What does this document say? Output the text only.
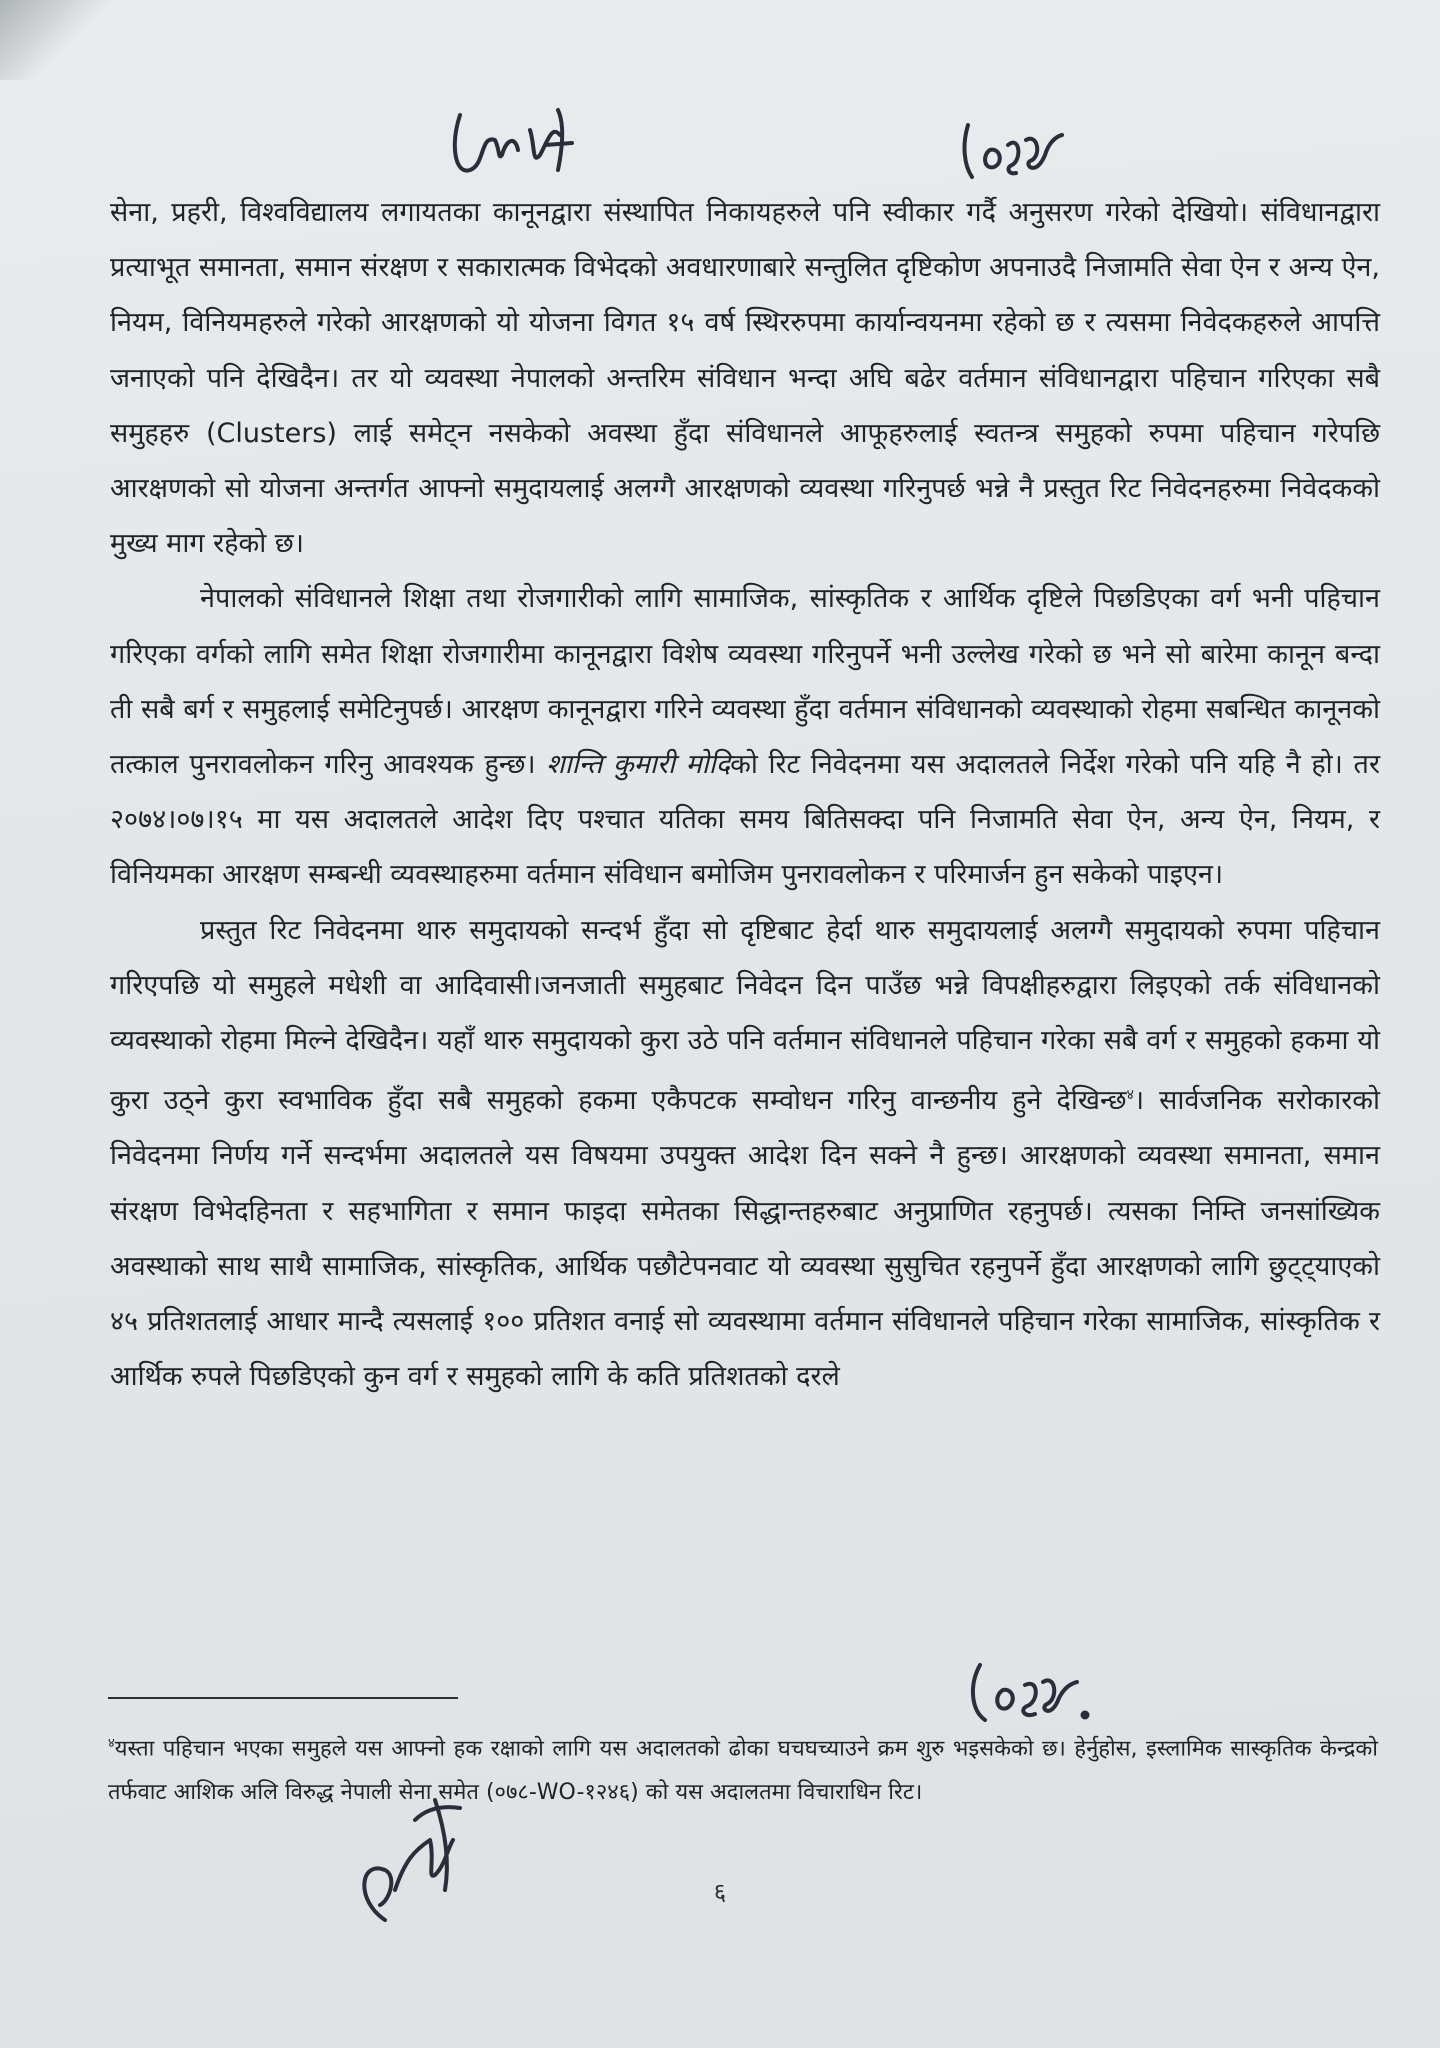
सेना, प्रहरी, विश्वविद्यालय लगायतका कानूनद्वारा संस्थापित निकायहरुले पनि स्वीकार गर्दै अनुसरण गरेको देखियो। संविधानद्वारा प्रत्याभूत समानता, समान संरक्षण र सकारात्मक विभेदको अवधारणाबारे सन्तुलित दृष्टिकोण अपनाउदै निजामति सेवा ऐन र अन्य ऐन, नियम, विनियमहरुले गरेको आरक्षणको यो योजना विगत १५ वर्ष स्थिररुपमा कार्यान्वयनमा रहेको छ र त्यसमा निवेदकहरुले आपत्ति जनाएको पनि देखिदैन। तर यो व्यवस्था नेपालको अन्तरिम संविधान भन्दा अघि बढेर वर्तमान संविधानद्वारा पहिचान गरिएका सबै समुहहरु (Clusters) लाई समेट्न नसकेको अवस्था हुँदा संविधानले आफूहरुलाई स्वतन्त्र समुहको रुपमा पहिचान गरेपछि आरक्षणको सो योजना अन्तर्गत आफ्नो समुदायलाई अलग्गै आरक्षणको व्यवस्था गरिनुपर्छ भन्ने नै प्रस्तुत रिट निवेदनहरुमा निवेदकको मुख्य माग रहेको छ।

नेपालको संविधानले शिक्षा तथा रोजगारीको लागि सामाजिक, सांस्कृतिक र आर्थिक दृष्टिले पिछडिएका वर्ग भनी पहिचान गरिएका वर्गको लागि समेत शिक्षा रोजगारीमा कानूनद्वारा विशेष व्यवस्था गरिनुपर्ने भनी उल्लेख गरेको छ भने सो बारेमा कानून बन्दा ती सबै बर्ग र समुहलाई समेटिनुपर्छ। आरक्षण कानूनद्वारा गरिने व्यवस्था हुँदा वर्तमान संविधानको व्यवस्थाको रोहमा सबन्धित कानूनको तत्काल पुनरावलोकन गरिनु आवश्यक हुन्छ। शान्ति कुमारी मोदिको रिट निवेदनमा यस अदालतले निर्देश गरेको पनि यहि नै हो। तर २०७४।०७।१५ मा यस अदालतले आदेश दिए पश्चात यतिका समय बितिसक्दा पनि निजामति सेवा ऐन, अन्य ऐन, नियम, र विनियमका आरक्षण सम्बन्धी व्यवस्थाहरुमा वर्तमान संविधान बमोजिम पुनरावलोकन र परिमार्जन हुन सकेको पाइएन।

प्रस्तुत रिट निवेदनमा थारु समुदायको सन्दर्भ हुँदा सो दृष्टिबाट हेर्दा थारु समुदायलाई अलग्गै समुदायको रुपमा पहिचान गरिएपछि यो समुहले मधेशी वा आदिवासी।जनजाती समुहबाट निवेदन दिन पाउँछ भन्ने विपक्षीहरुद्वारा लिइएको तर्क संविधानको व्यवस्थाको रोहमा मिल्ने देखिदैन। यहाँ थारु समुदायको कुरा उठे पनि वर्तमान संविधानले पहिचान गरेका सबै वर्ग र समुहको हकमा यो कुरा उठ्ने कुरा स्वभाविक हुँदा सबै समुहको हकमा एकैपटक सम्वोधन गरिनु वान्छनीय हुने देखिन्छ$^४$। सार्वजनिक सरोकारको निवेदनमा निर्णय गर्ने सन्दर्भमा अदालतले यस विषयमा उपयुक्त आदेश दिन सक्ने नै हुन्छ। आरक्षणको व्यवस्था समानता, समान संरक्षण विभेदहिनता र सहभागिता र समान फाइदा समेतका सिद्धान्तहरुबाट अनुप्राणित रहनुपर्छ। त्यसका निम्ति जनसांख्यिक अवस्थाको साथ साथै सामाजिक, सांस्कृतिक, आर्थिक पछौटेपनवाट यो व्यवस्था सुसुचित रहनुपर्ने हुँदा आरक्षणको लागि छुट्ट्याएको ४५ प्रतिशतलाई आधार मान्दै त्यसलाई १०० प्रतिशत वनाई सो व्यवस्थामा वर्तमान संविधानले पहिचान गरेका सामाजिक, सांस्कृतिक र आर्थिक रुपले पिछडिएको कुन वर्ग र समुहको लागि के कति प्रतिशतको दरले

$^४$यस्ता पहिचान भएका समुहले यस आफ्नो हक रक्षाको लागि यस अदालतको ढोका घचघच्याउने क्रम शुरु भइसकेको छ। हेर्नुहोस, इस्लामिक सास्कृतिक केन्द्रको तर्फवाट आशिक अलि विरुद्ध नेपाली सेना समेत (०७८-WO-१२४६) को यस अदालतमा विचाराधिन रिट।
६
